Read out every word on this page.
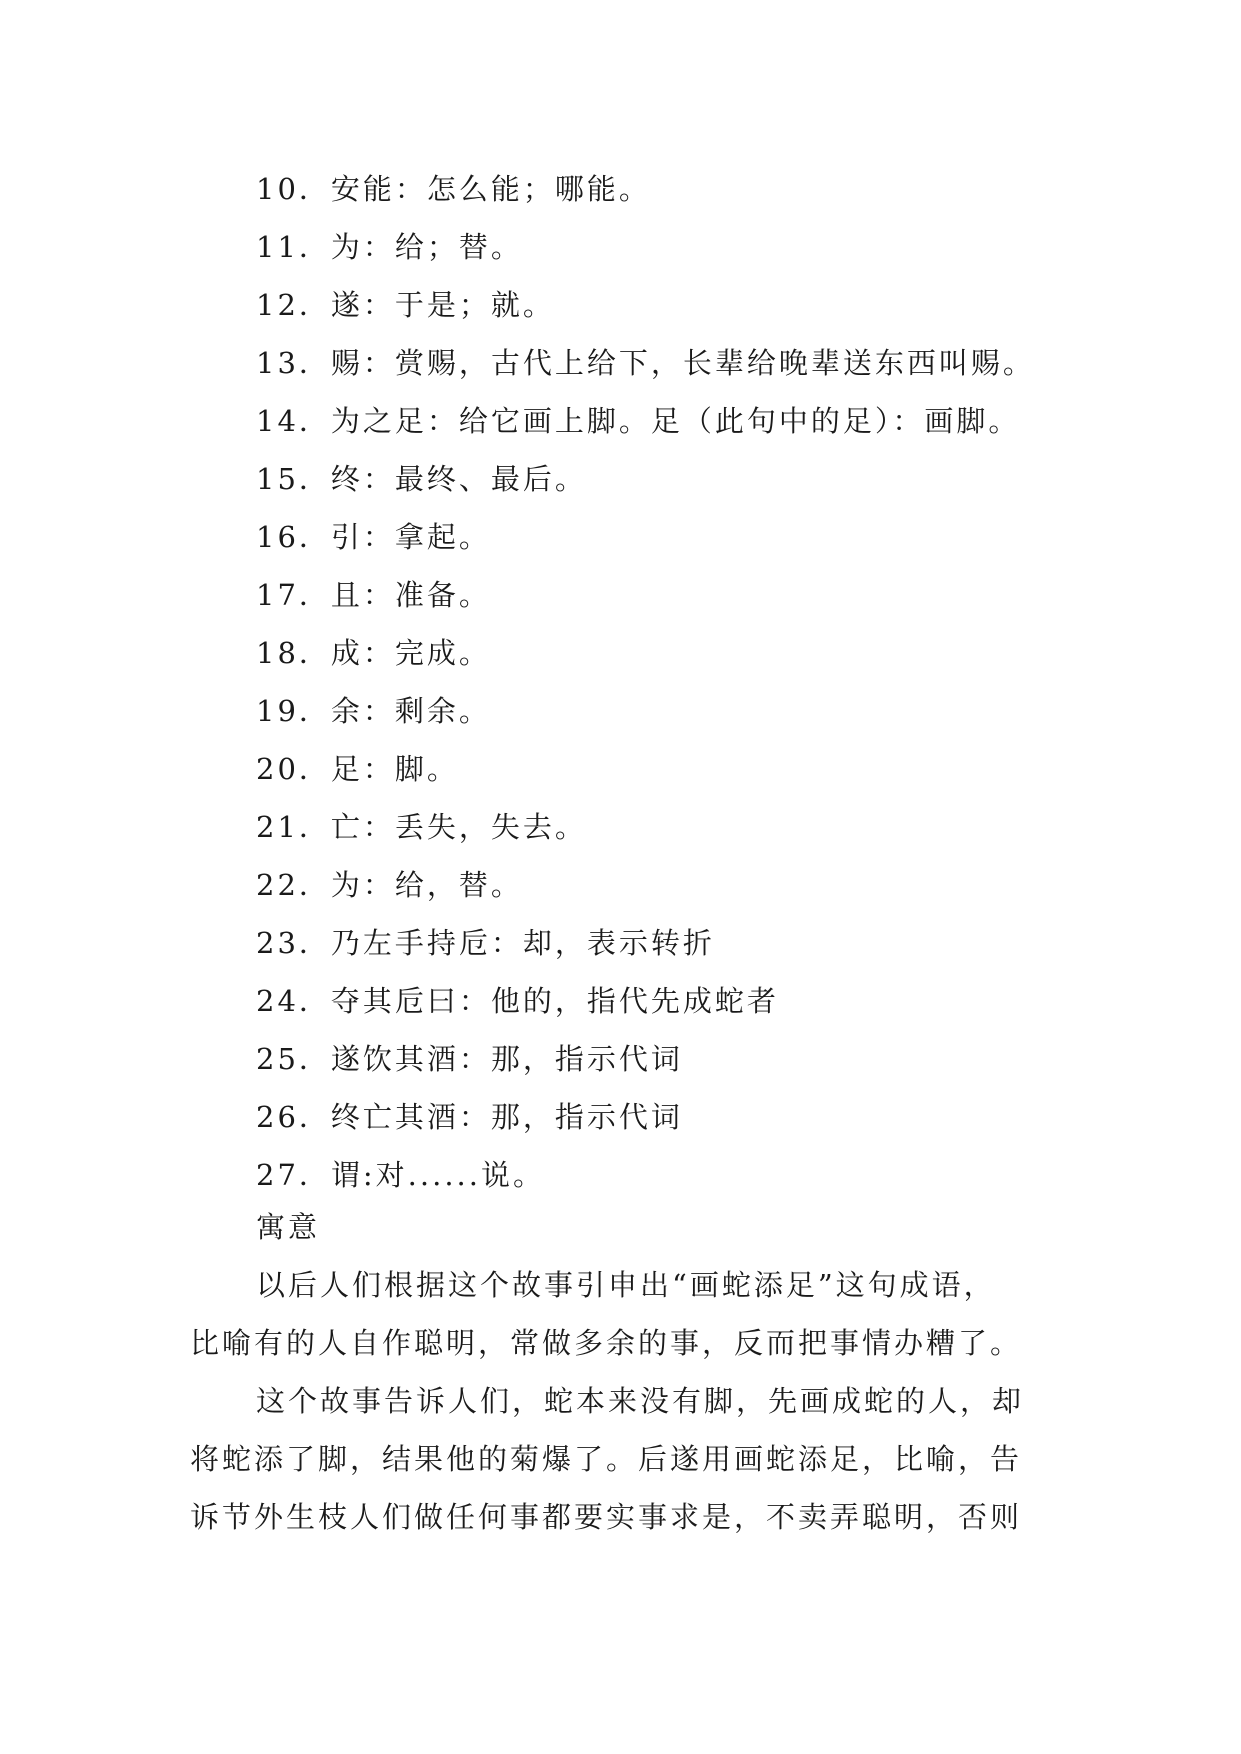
10．安能：怎么能；哪能。
11．为：给；替。
12．遂：于是；就。
13．赐：赏赐，古代上给下，长辈给晚辈送东西叫赐。
14．为之足：给它画上脚。足（此句中的足）：画脚。
15．终：最终、最后。
16．引：拿起。
17．且：准备。
18．成：完成。
19．余：剩余。
20．足：脚。
21．亡：丢失，失去。
22．为：给，替。
23．乃左手持卮：却，表示转折
24．夺其卮曰：他的，指代先成蛇者
25．遂饮其酒：那，指示代词
26．终亡其酒：那，指示代词
27．谓:对......说。
寓意

以后人们根据这个故事引申出“画蛇添足”这句成语，
比喻有的人自作聪明，常做多余的事，反而把事情办糟了。

这个故事告诉人们，蛇本来没有脚，先画成蛇的人，却
将蛇添了脚，结果他的菊爆了。后遂用画蛇添足，比喻，告
诉节外生枝人们做任何事都要实事求是，不卖弄聪明，否则
